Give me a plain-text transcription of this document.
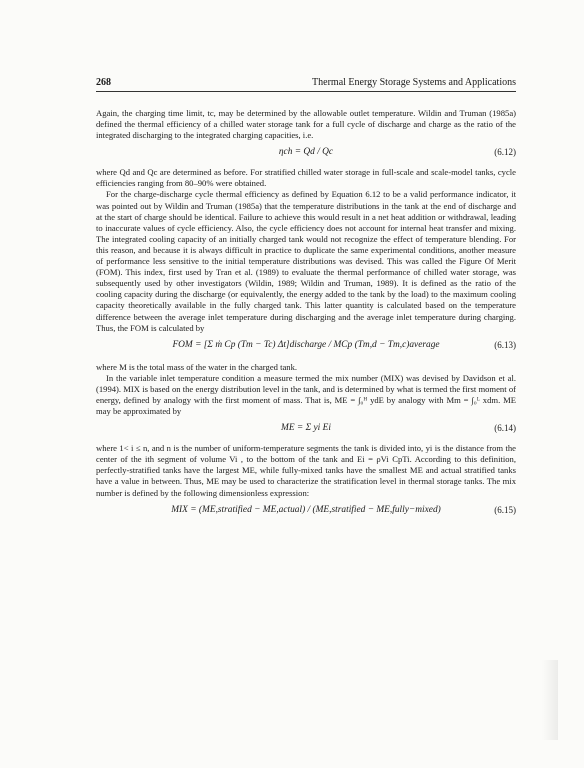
268	Thermal Energy Storage Systems and Applications

Again, the charging time limit, tc, may be determined by the allowable outlet temperature. Wildin and Truman (1985a) defined the thermal efficiency of a chilled water storage tank for a full cycle of discharge and charge as the ratio of the integrated discharging to the integrated charging capacities, i.e.

ηch = Qd / Qc	(6.12)

where Qd and Qc are determined as before. For stratified chilled water storage in full-scale and scale-model tanks, cycle efficiencies ranging from 80–90% were obtained.

For the charge-discharge cycle thermal efficiency as defined by Equation 6.12 to be a valid performance indicator, it was pointed out by Wildin and Truman (1985a) that the temperature distributions in the tank at the end of discharge and at the start of charge should be identical. Failure to achieve this would result in a net heat addition or withdrawal, leading to inaccurate values of cycle efficiency. Also, the cycle efficiency does not account for internal heat transfer and mixing. The integrated cooling capacity of an initially charged tank would not recognize the effect of temperature blending. For this reason, and because it is always difficult in practice to duplicate the same experimental conditions, another measure of performance less sensitive to the initial temperature distributions was devised. This was called the Figure Of Merit (FOM). This index, first used by Tran et al. (1989) to evaluate the thermal performance of chilled water storage, was subsequently used by other investigators (Wildin, 1989; Wildin and Truman, 1989). It is defined as the ratio of the cooling capacity during the discharge (or equivalently, the energy added to the tank by the load) to the maximum cooling capacity theoretically available in the fully charged tank. This latter quantity is calculated based on the temperature difference between the average inlet temperature during discharging and the average inlet temperature during charging. Thus, the FOM is calculated by

FOM = [Σ ṁ Cp (Tm − Tc) Δt]discharge / MCp (Tm,d − Tm,c)average	(6.13)

where M is the total mass of the water in the charged tank.

In the variable inlet temperature condition a measure termed the mix number (MIX) was devised by Davidson et al. (1994). MIX is based on the energy distribution level in the tank, and is determined by what is termed the first moment of energy, defined by analogy with the first moment of mass. That is, ME = ∫₀ᴴ ydE by analogy with Mm = ∫₀ᴸ xdm. ME may be approximated by

ME = Σ yi Ei	(6.14)

where 1< i ≤ n, and n is the number of uniform-temperature segments the tank is divided into, yi is the distance from the center of the ith segment of volume Vi , to the bottom of the tank and Ei = ρVi CpTi. According to this definition, perfectly-stratified tanks have the largest ME, while fully-mixed tanks have the smallest ME and actual stratified tanks have a value in between. Thus, ME may be used to characterize the stratification level in thermal storage tanks. The mix number is defined by the following dimensionless expression:

MIX = (ME,stratified − ME,actual) / (ME,stratified − ME,fully−mixed)	(6.15)
